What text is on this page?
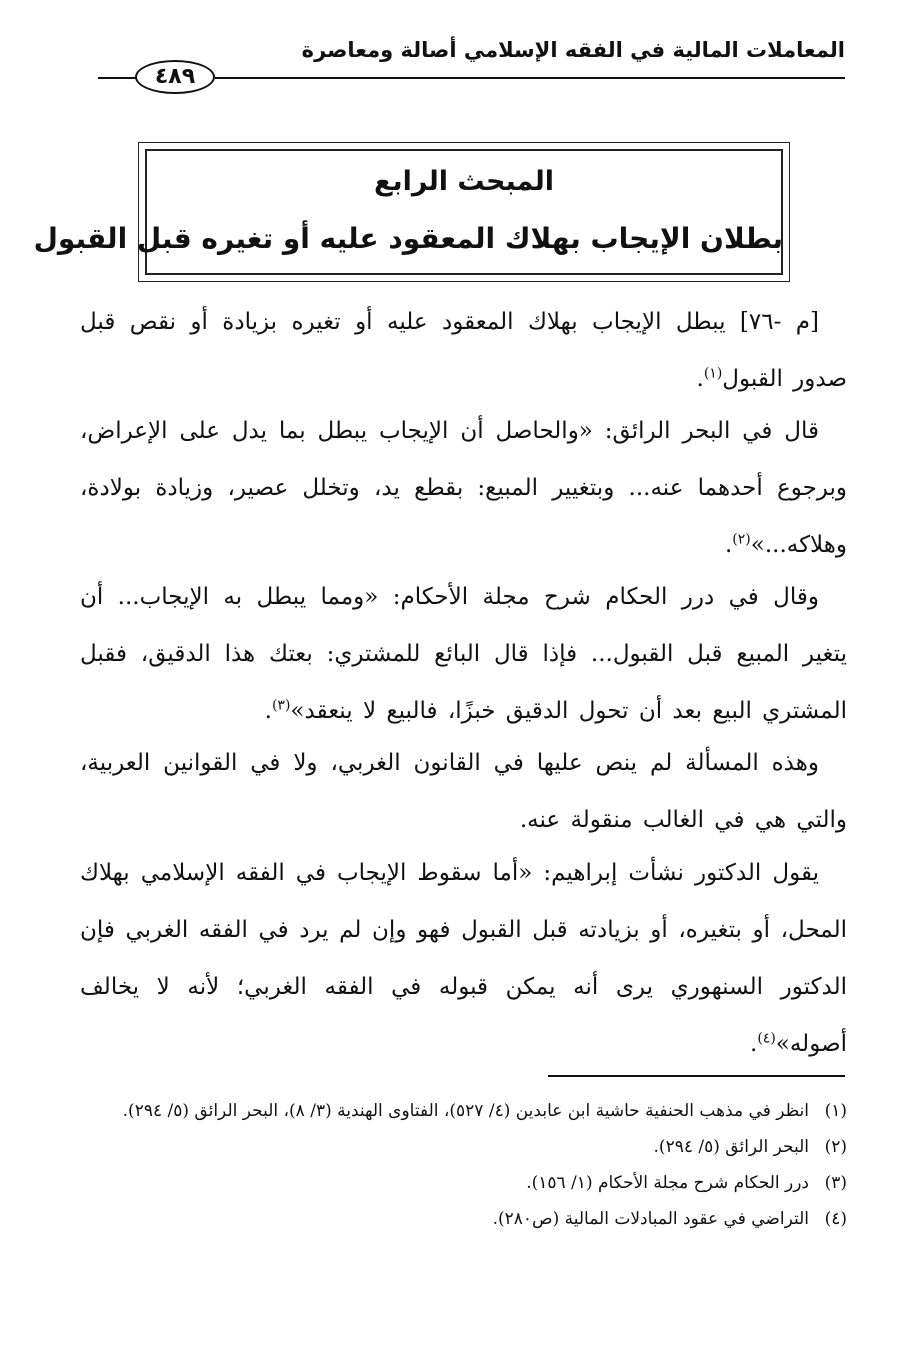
المعاملات المالية في الفقه الإسلامي أصالة ومعاصرة
٤٨٩
المبحث الرابع
بطلان الإيجاب بهلاك المعقود عليه أو تغيره قبل القبول

[م -٧٦] يبطل الإيجاب بهلاك المعقود عليه أو تغيره بزيادة أو نقص قبل صدور القبول$^{(١)}$.

قال في البحر الرائق: «والحاصل أن الإيجاب يبطل بما يدل على الإعراض، وبرجوع أحدهما عنه... وبتغيير المبيع: بقطع يد، وتخلل عصير، وزيادة بولادة، وهلاكه...»$^{(٢)}$.

وقال في درر الحكام شرح مجلة الأحكام: «ومما يبطل به الإيجاب... أن يتغير المبيع قبل القبول... فإذا قال البائع للمشتري: بعتك هذا الدقيق، فقبل المشتري البيع بعد أن تحول الدقيق خبزًا، فالبيع لا ينعقد»$^{(٣)}$.

وهذه المسألة لم ينص عليها في القانون الغربي، ولا في القوانين العربية، والتي هي في الغالب منقولة عنه.

يقول الدكتور نشأت إبراهيم: «أما سقوط الإيجاب في الفقه الإسلامي بهلاك المحل، أو بتغيره، أو بزيادته قبل القبول فهو وإن لم يرد في الفقه الغربي فإن الدكتور السنهوري يرى أنه يمكن قبوله في الفقه الغربي؛ لأنه لا يخالف أصوله»$^{(٤)}$.

(١)
انظر في مذهب الحنفية حاشية ابن عابدين (٤/ ٥٢٧)، الفتاوى الهندية (٣/ ٨)، البحر الرائق (٥/ ٢٩٤).
(٢)
البحر الرائق (٥/ ٢٩٤).
(٣)
درر الحكام شرح مجلة الأحكام (١/ ١٥٦).
(٤)
التراضي في عقود المبادلات المالية (ص٢٨٠).
